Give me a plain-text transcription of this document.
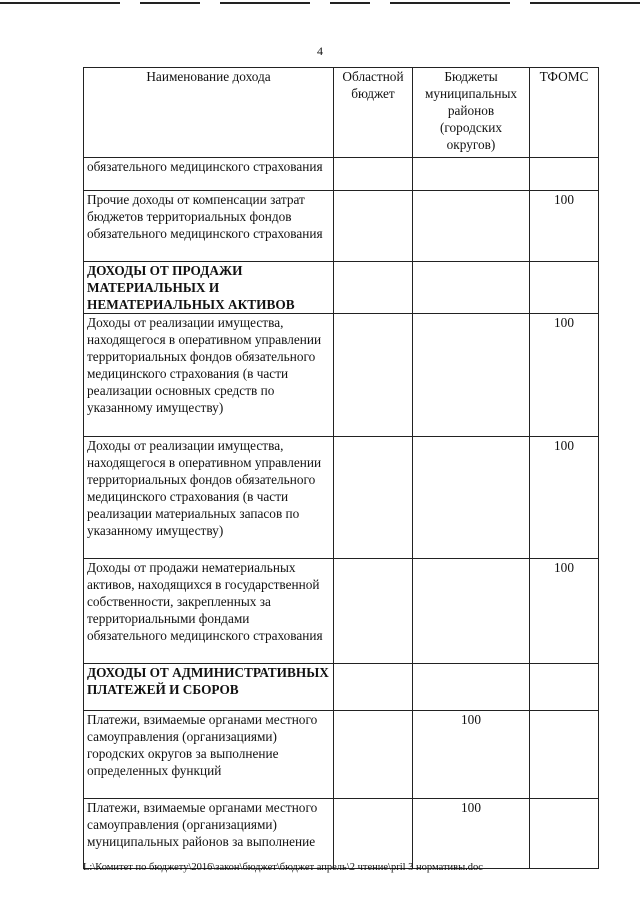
4
Наименование дохода	Областной бюджет	Бюджеты муниципальных районов (городских округов)	ТФОМС
обязательного медицинского страхования			
Прочие доходы от компенсации затрат бюджетов территориальных фондов обязательного медицинского страхования			100
ДОХОДЫ ОТ ПРОДАЖИ МАТЕРИАЛЬНЫХ И НЕМАТЕРИАЛЬНЫХ АКТИВОВ			
Доходы от реализации имущества, находящегося в оперативном управлении территориальных фондов обязательного медицинского страхования (в части реализации основных средств по указанному имуществу)			100
Доходы от реализации имущества, находящегося в оперативном управлении территориальных фондов обязательного медицинского страхования (в части реализации материальных запасов по указанному имуществу)			100
Доходы от продажи нематериальных активов, находящихся в государственной собственности, закрепленных за территориальными фондами обязательного медицинского страхования			100
ДОХОДЫ ОТ АДМИНИСТРАТИВНЫХ ПЛАТЕЖЕЙ И СБОРОВ			
Платежи, взимаемые органами местного самоуправления (организациями) городских округов за выполнение определенных функций		100	
Платежи, взимаемые органами местного самоуправления (организациями) муниципальных районов за выполнение		100	
L:\Комитет по бюджету\2016\закон\бюджет\бюджет апрель\2 чтение\pril 3 нормативы.doc
